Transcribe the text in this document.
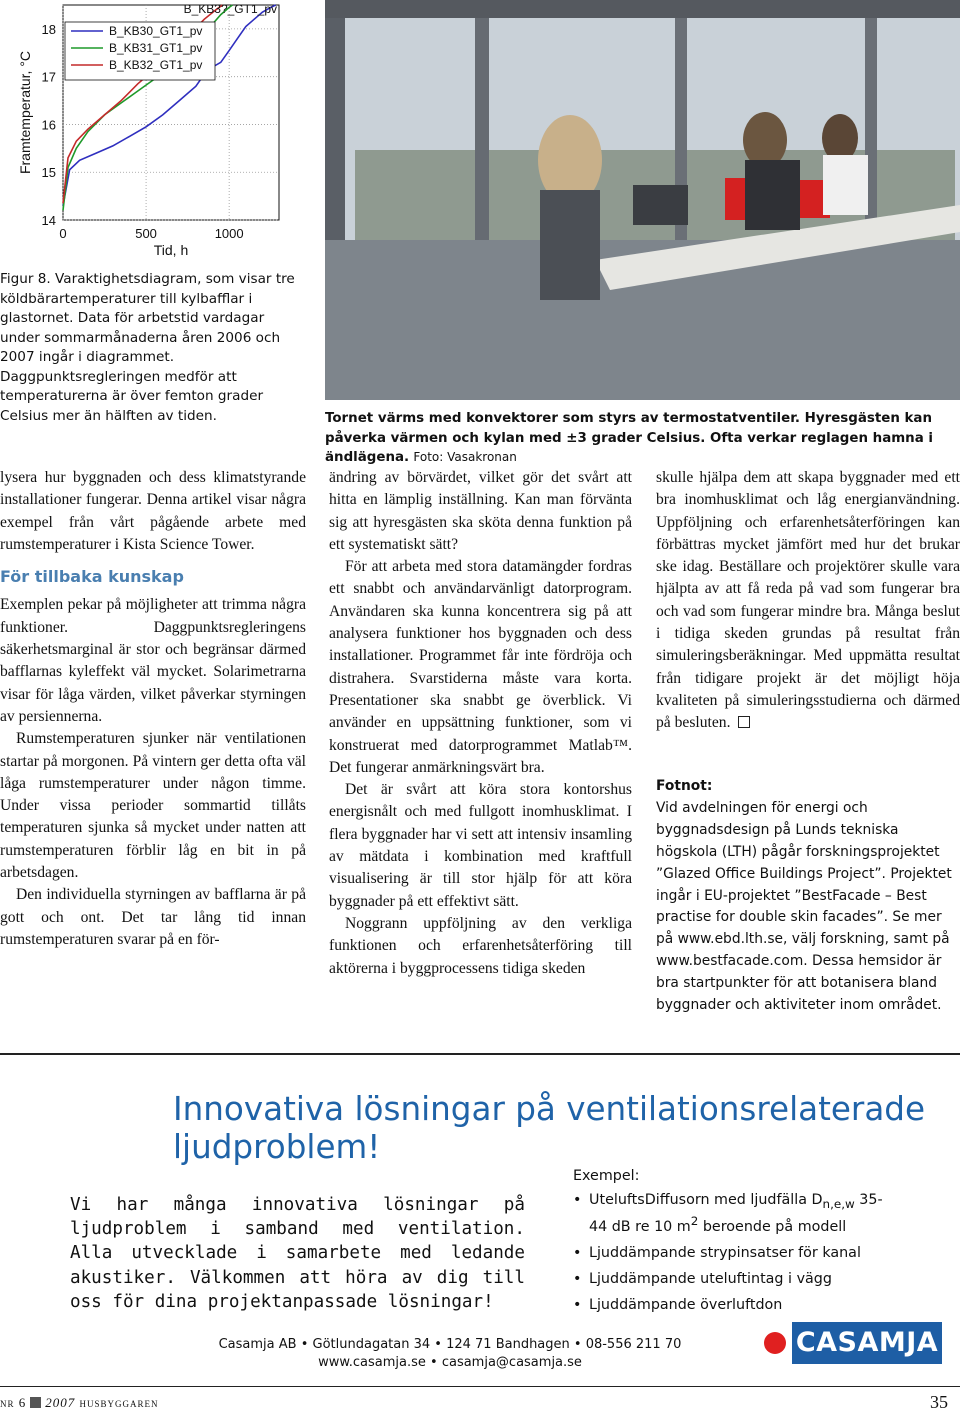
14
15
16
17
18
0	500	1000
Tid, h
Framtemperatur, °C
B_KB30_GT1_pv
B_KB31_GT1_pv
B_KB32_GT1_pv
B_KB3?_GT1_pv
Figur 8. Varaktighetsdiagram, som visar tre köldbärartemperaturer till kylbafflar i glastornet. Data för arbetstid vardagar under sommarmånaderna åren 2006 och 2007 ingår i diagrammet. Daggpunktsregleringen medför att temperaturerna är över femton grader Celsius mer än hälften av tiden.	Tornet värms med konvektorer som styrs av termostatventiler. Hyresgästen kan påverka värmen och kylan med ±3 grader Celsius. Ofta verkar reglagen hamna i ändlägena. Foto: Vasakronan

lysera hur byggnaden och dess klimatstyrande installationer fungerar. Denna artikel visar några exempel från vårt pågående arbete med rumstemperaturer i Kista Science Tower.

För tillbaka kunskap

Exemplen pekar på möjligheter att trimma några funktioner. Daggpunktsregleringens säkerhetsmarginal är stor och begränsar därmed bafflarnas kyleffekt väl mycket. Solarimetrarna visar för låga värden, vilket påverkar styrningen av persiennerna.

Rumstemperaturen sjunker när ventilationen startar på morgonen. På vintern ger detta ofta väl låga rumstemperaturer under någon timme. Under vissa perioder sommartid tillåts temperaturen sjunka så mycket under natten att rumstemperaturen förblir låg en bit in på arbetsdagen.

Den individuella styrningen av bafflarna är på gott och ont. Det tar lång tid innan rumstemperaturen svarar på en för-

ändring av börvärdet, vilket gör det svårt att hitta en lämplig inställning. Kan man förvänta sig att hyresgästen ska sköta denna funktion på ett systematiskt sätt?

För att arbeta med stora datamängder fordras ett snabbt och användarvänligt datorprogram. Användaren ska kunna koncentrera sig på att analysera funktioner hos byggnaden och dess installationer. Programmet får inte fördröja och distrahera. Svarstiderna måste vara korta. Presentationer ska snabbt ge överblick. Vi använder en uppsättning funktioner, som vi konstruerat med datorprogrammet Matlab™. Det fungerar anmärkningsvärt bra.

Det är svårt att köra stora kontorshus energisnålt och med fullgott inomhusklimat. I flera byggnader har vi sett att intensiv insamling av mätdata i kombination med kraftfull visualisering är till stor hjälp för att köra byggnader på ett effektivt sätt.

Noggrann uppföljning av den verkliga funktionen och erfarenhetsåterföring till aktörerna i byggprocessens tidiga skeden

skulle hjälpa dem att skapa byggnader med ett bra inomhusklimat och låg energianvändning. Uppföljning och erfarenhetsåterföringen kan förbättras mycket jämfört med hur det brukar ske idag. Beställare och projektörer skulle vara hjälpta av att få reda på vad som fungerar bra och vad som fungerar mindre bra. Många beslut i tidiga skeden grundas på resultat från simuleringsberäkningar. Med uppmätta resultat från tidigare projekt är det möjligt höja kvaliteten på simuleringsstudierna och därmed på besluten.

Fotnot:
Vid avdelningen för energi och byggnadsdesign på Lunds tekniska högskola (LTH) pågår forskningsprojektet ”Glazed Office Buildings Project”. Projektet ingår i EU-projektet ”BestFacade – Best practise for double skin facades”. Se mer på www.ebd.lth.se, välj forskning, samt på www.bestfacade.com. Dessa hemsidor är bra startpunkter för att botanisera bland byggnader och aktiviteter inom området.
Innovativa lösningar på ventilationsrelaterade ljudproblem!
Vi har många innovativa lösningar på ljudproblem i samband med ventilation. Alla utvecklade i samarbete med ledande akustiker. Välkommen att höra av dig till oss för dina projektanpassade lösningar!
Exempel:
• UteluftsDiffusorn med ljudfälla $D_{n,e,w}$ 35-
44 dB re 10 $m^2$ beroende på modell
• Ljuddämpande strypinsatser för kanal
• Ljuddämpande uteluftintag i vägg
• Ljuddämpande överluftdon
Casamja AB • Götlundagatan 34 • 124 71 Bandhagen • 08-556 211 70
www.casamja.se • casamja@casamja.se
CASAMJA
nr 6 2007 husbyggaren	35
